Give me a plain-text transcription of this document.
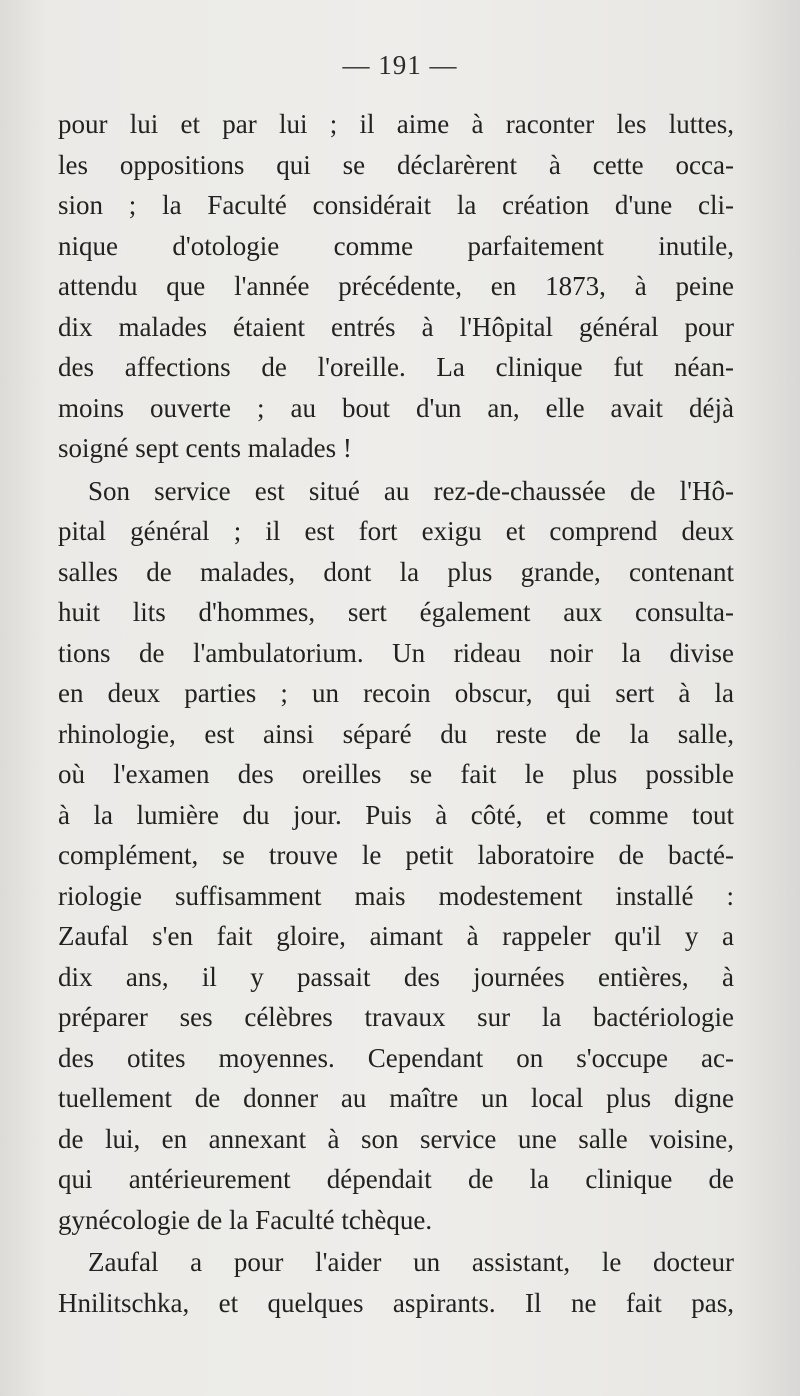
— 191 —
pour lui et par lui ; il aime à raconter les luttes,
les oppositions qui se déclarèrent à cette occa-
sion ; la Faculté considérait la création d'une cli-
nique d'otologie comme parfaitement inutile,
attendu que l'année précédente, en 1873, à peine
dix malades étaient entrés à l'Hôpital général pour
des affections de l'oreille. La clinique fut néan-
moins ouverte ; au bout d'un an, elle avait déjà
soigné sept cents malades !
Son service est situé au rez-de-chaussée de l'Hô-
pital général ; il est fort exigu et comprend deux
salles de malades, dont la plus grande, contenant
huit lits d'hommes, sert également aux consulta-
tions de l'ambulatorium. Un rideau noir la divise
en deux parties ; un recoin obscur, qui sert à la
rhinologie, est ainsi séparé du reste de la salle,
où l'examen des oreilles se fait le plus possible
à la lumière du jour. Puis à côté, et comme tout
complément, se trouve le petit laboratoire de bacté-
riologie suffisamment mais modestement installé :
Zaufal s'en fait gloire, aimant à rappeler qu'il y a
dix ans, il y passait des journées entières, à
préparer ses célèbres travaux sur la bactériologie
des otites moyennes. Cependant on s'occupe ac-
tuellement de donner au maître un local plus digne
de lui, en annexant à son service une salle voisine,
qui antérieurement dépendait de la clinique de
gynécologie de la Faculté tchèque.
Zaufal a pour l'aider un assistant, le docteur
Hnilitschka, et quelques aspirants. Il ne fait pas,
